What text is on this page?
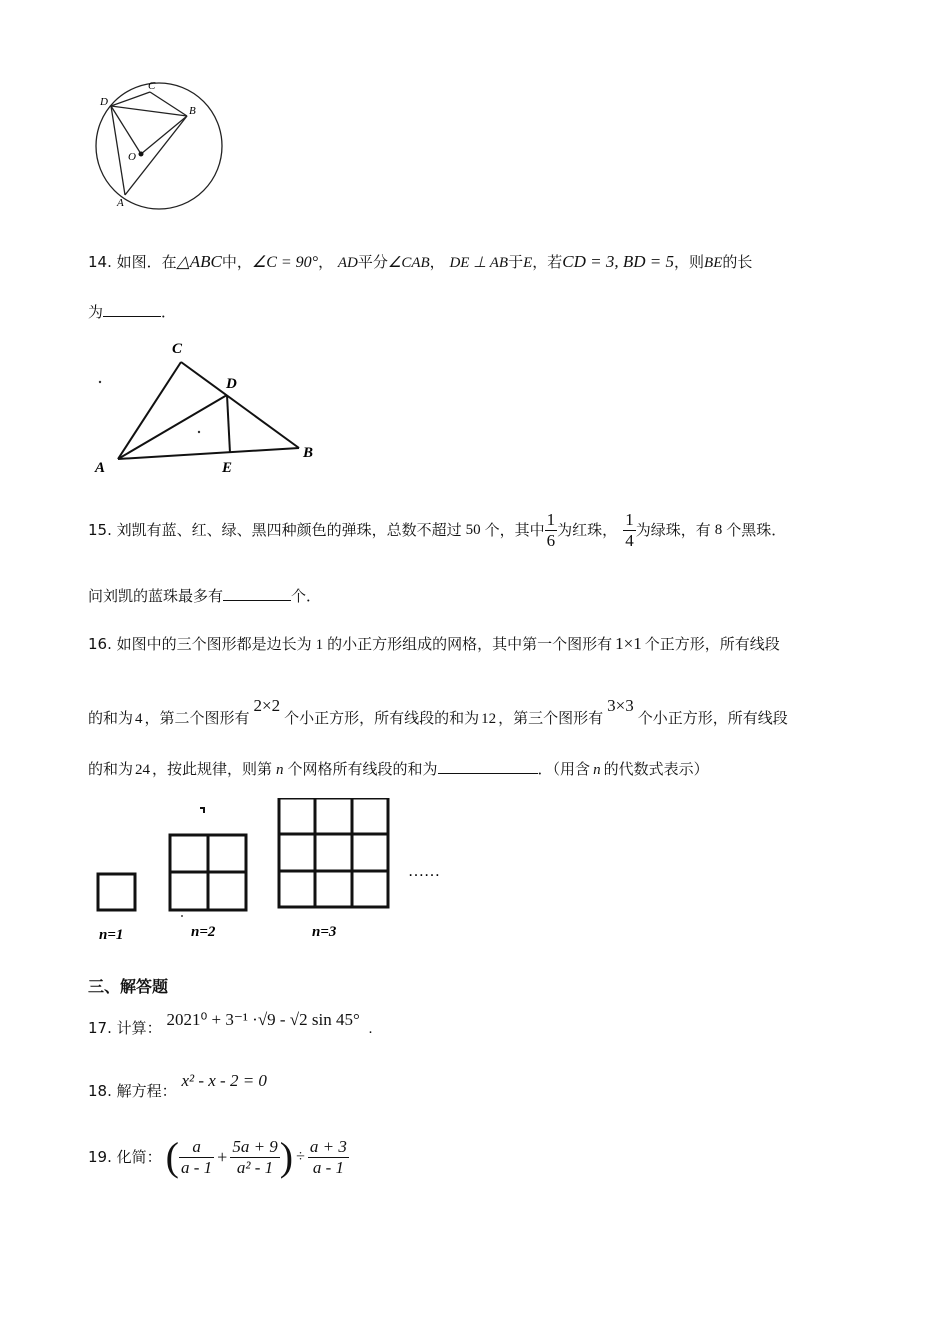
D
C
B
O
A
14. 如图．在△ABC中，∠C = 90°， AD平分∠CAB， DE ⊥ AB于E，若CD = 3, BD = 5，则BE的长
为	．
C
D
A	E
B
15.
刘凯有蓝、红、绿、黑四种颜色的弹珠，总数不超过 50 个，其中 $\frac{1}{6}$ 为红珠， $\frac{1}{4}$ 为绿珠，有 8 个黑珠．
问刘凯的蓝珠最多有	个．
16. 如图中的三个图形都是边长为 1 的小正方形组成的网格，其中第一个图形有 1×1 个正方形，所有线段
的和为 4 ，第二个图形有2×2个小正方形，所有线段的和为 12 ，第三个图形有3×3个小正方形，所有线段
的和为 24 ，按此规律，则第 n 个网格所有线段的和为	．（用含 n 的代数式表示）
……
n=1	n=2	n=3
三、解答题
17. 计算： 2021⁰ + 3⁻¹ ·√9 - √2 sin 45° .
18. 解方程： x² - x - 2 = 0
19.
化简： ( $\frac{a}{a - 1} + \frac{5a + 9}{\text{a² - 1}}$ ) ÷ $\frac{a + 3}{a - 1}$
